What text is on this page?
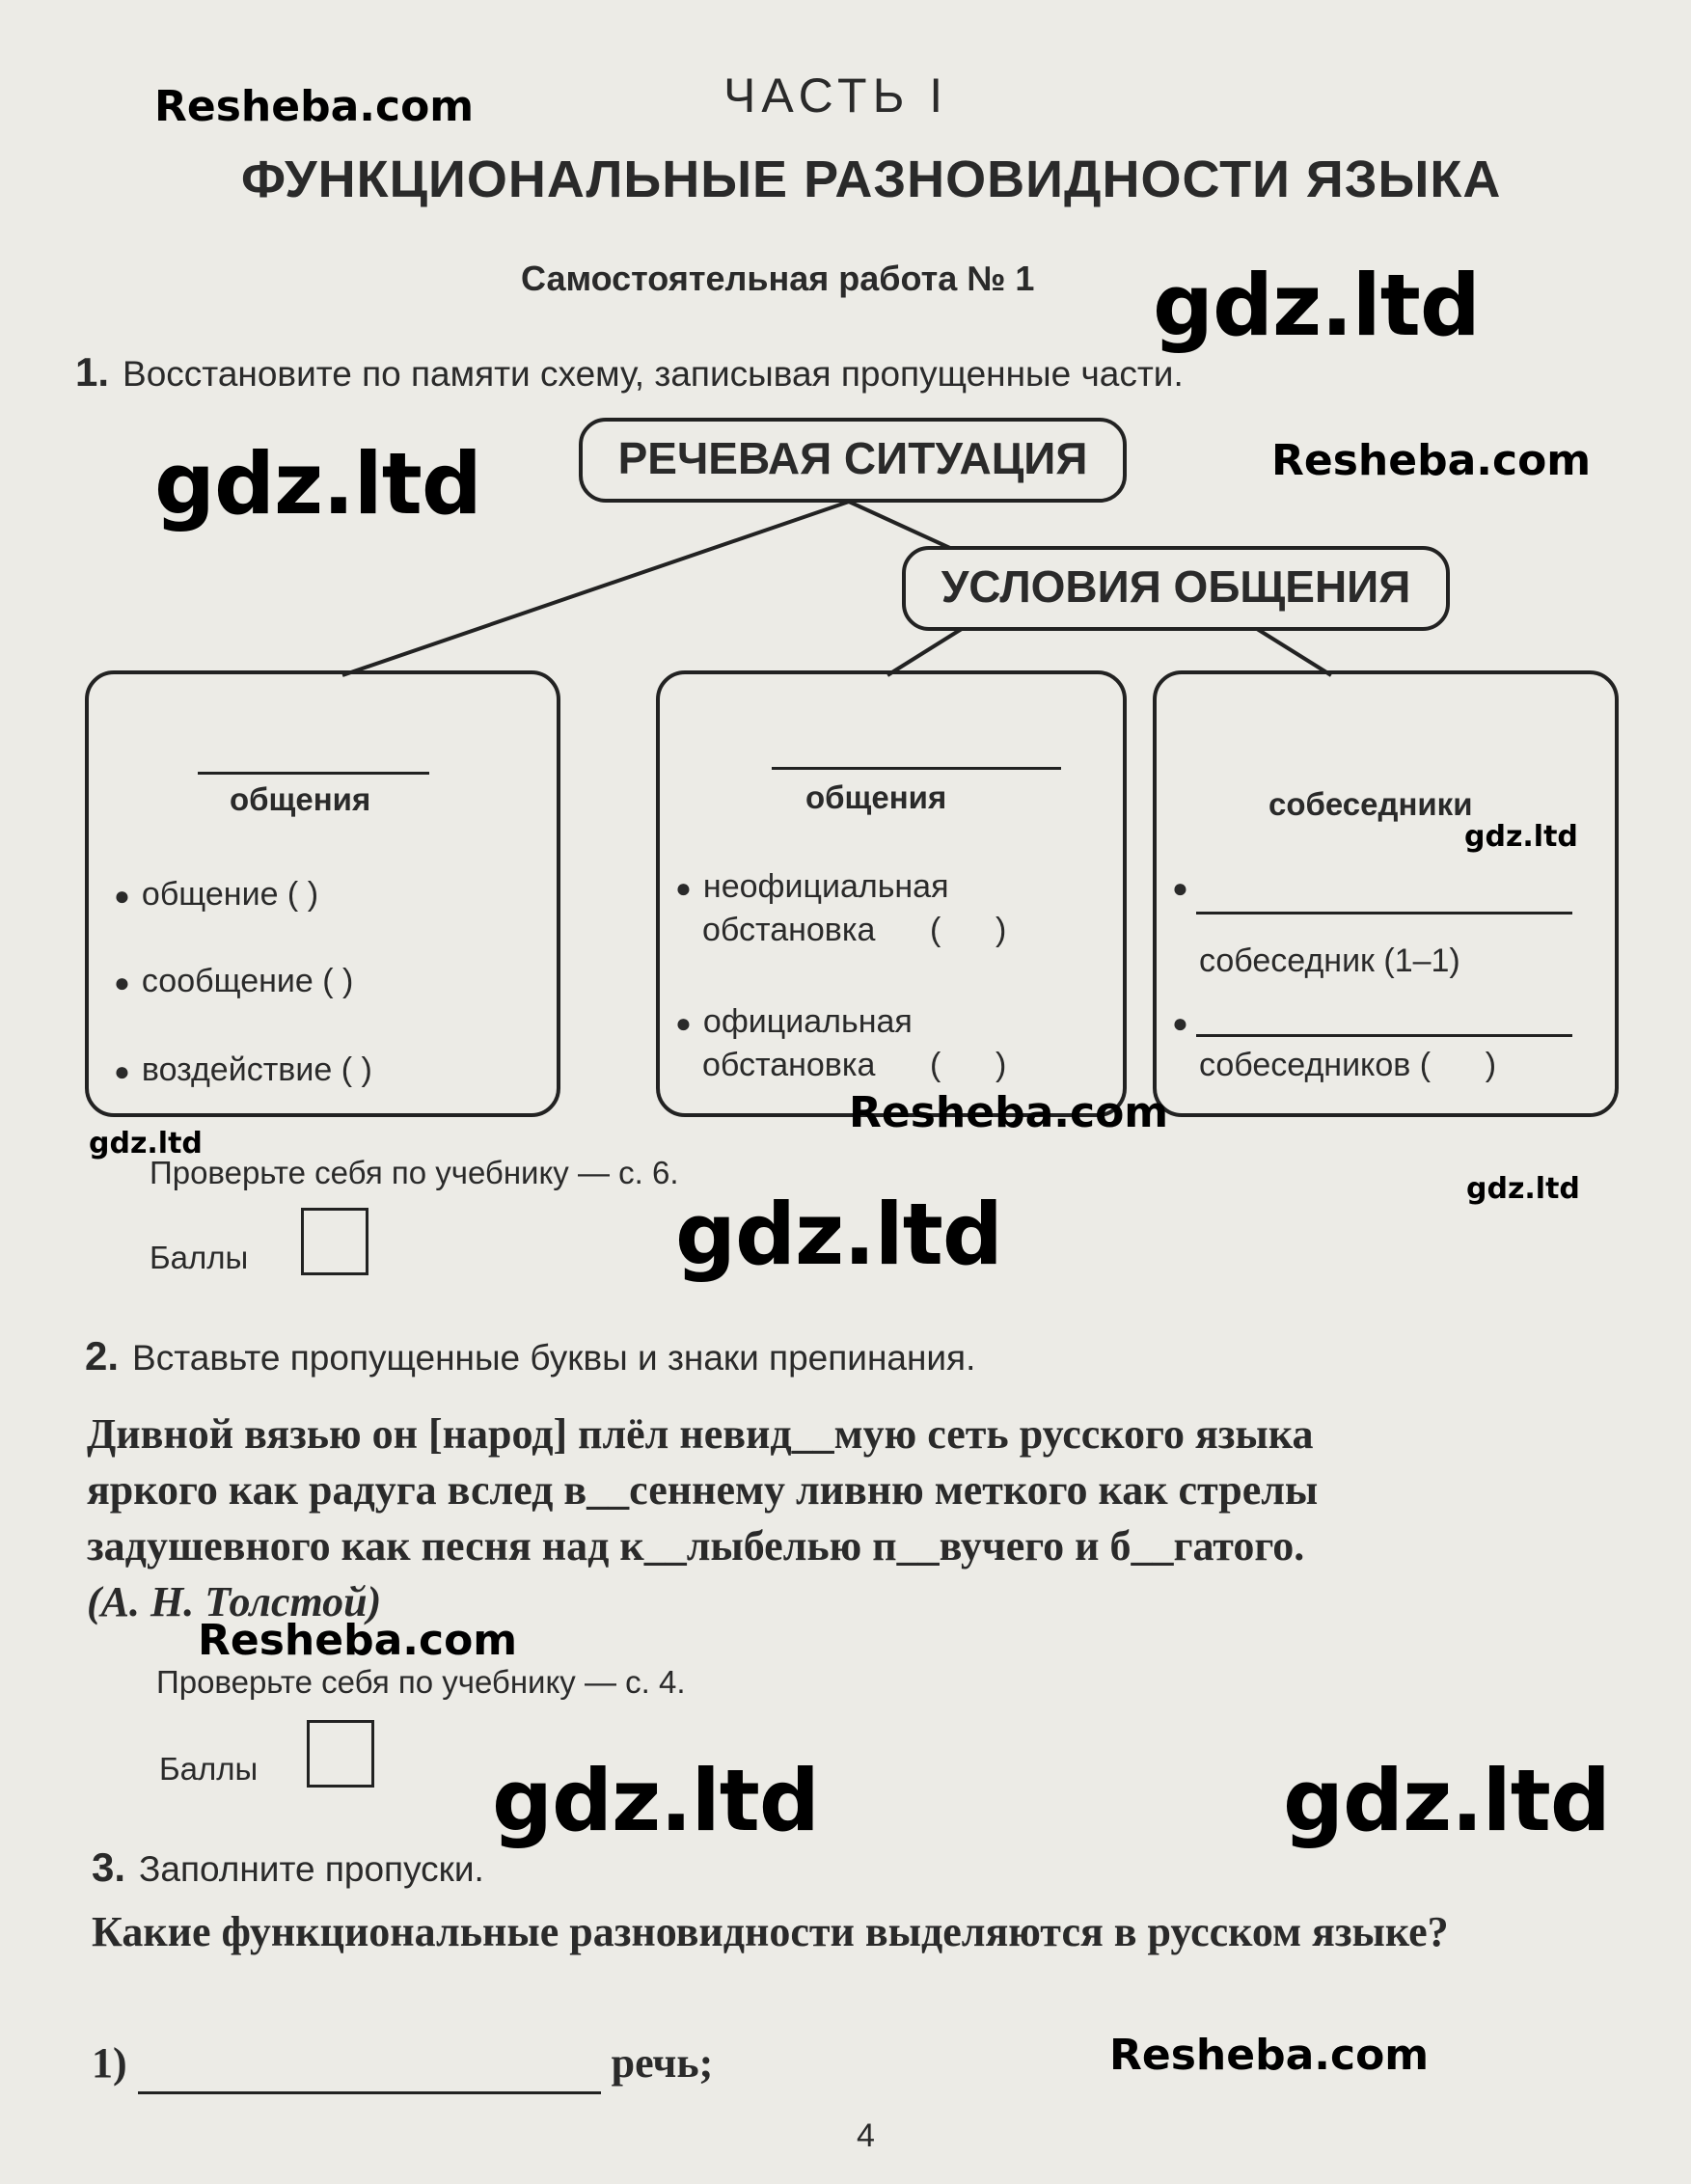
ЧАСТЬ I
ФУНКЦИОНАЛЬНЫЕ РАЗНОВИДНОСТИ ЯЗЫКА
Самостоятельная работа № 1
1. Восстановите по памяти схему, записывая пропущенные части.
РЕЧЕВАЯ СИТУАЦИЯ
УСЛОВИЯ ОБЩЕНИЯ
общения
● общение ( )
● сообщение ( )
● воздействие ( )
общения
● неофициальная
обстановка      (      )
● официальная
обстановка      (      )
собеседники
●
собеседник (1–1)
●
собеседников (      )
Проверьте себя по учебнику — с. 6.
Баллы
2. Вставьте пропущенные буквы и знаки препинания.
Дивной вязью он [народ] плёл невид__мую сеть русского языка
яркого как радуга вслед в__сеннему ливню меткого как стрелы
задушевного как песня над к__лыбелью п__вучего и б__гатого.
(А. Н. Толстой)
Проверьте себя по учебнику — с. 4.
Баллы
3. Заполните пропуски.
Какие функциональные разновидности выделяются в русском языке?
1)	речь;
4
Resheba.com
gdz.ltd
gdz.ltd	Resheba.com
gdz.ltd
Resheba.com
gdz.ltd
gdz.ltd
gdz.ltd
Resheba.com
gdz.ltd	gdz.ltd
Resheba.com
